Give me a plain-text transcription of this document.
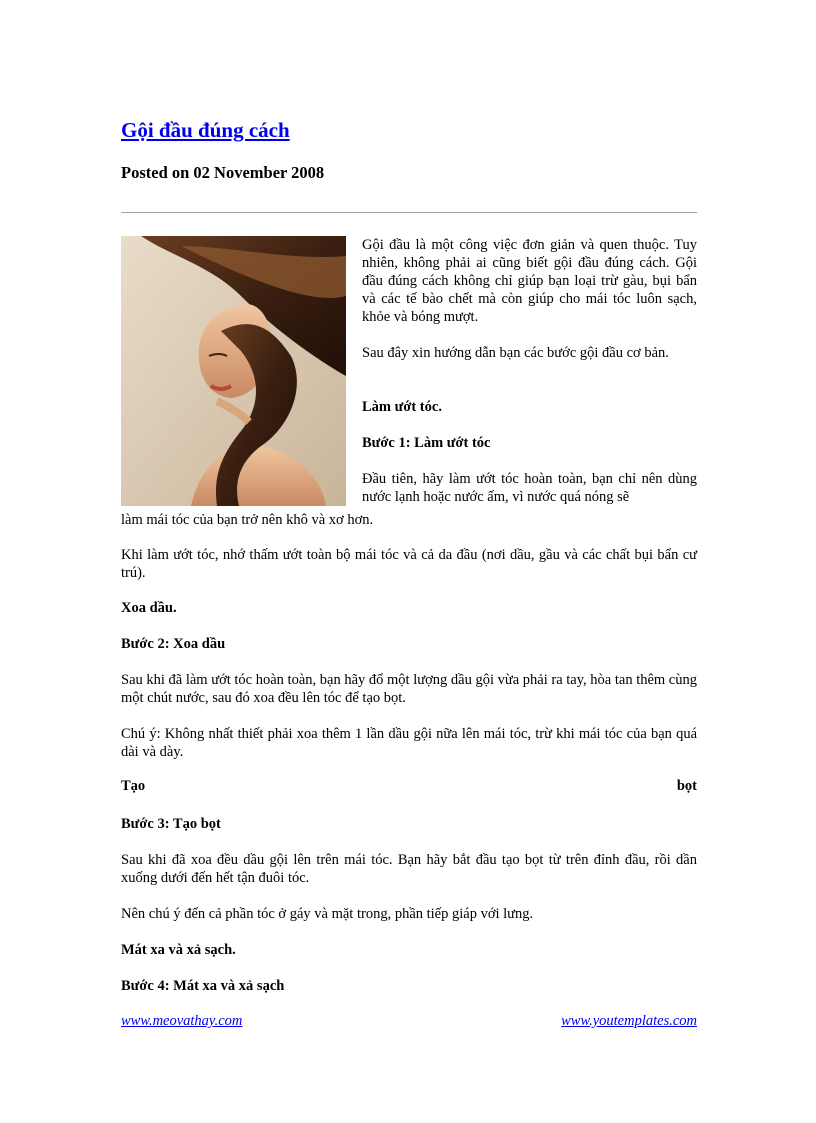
Gội đầu đúng cách
Posted on 02 November 2008
Gội đầu là một công việc đơn giản và quen thuộc. Tuy nhiên, không phải ai cũng biết gội đầu đúng cách. Gội đầu đúng cách không chỉ giúp bạn loại trừ gàu, bụi bẩn và các tế bào chết mà còn giúp cho mái tóc luôn sạch, khỏe và bóng mượt.
Sau đây xin hướng dẫn bạn các bước gội đầu cơ bản.
Làm ướt tóc.
Bước 1: Làm ướt tóc
Đầu tiên, hãy làm ướt tóc hoàn toàn, bạn chỉ nên dùng nước lạnh hoặc nước ấm, vì nước quá nóng sẽ
làm mái tóc của bạn trở nên khô và xơ hơn.
Khi làm ướt tóc, nhớ thấm ướt toàn bộ mái tóc và cả da đầu (nơi dầu, gầu và các chất bụi bẩn cư trú).
Xoa dầu.
Bước 2: Xoa dầu
Sau khi đã làm ướt tóc hoàn toàn, bạn hãy đổ một lượng dầu gội vừa phải ra tay, hòa tan thêm cùng một chút nước, sau đó xoa đều lên tóc để tạo bọt.
Chú ý: Không nhất thiết phải xoa thêm 1 lần dầu gội nữa lên mái tóc, trừ khi mái tóc của bạn quá dài và dày.
Tạo	bọt
Bước 3: Tạo bọt
Sau khi đã xoa đều dầu gội lên trên mái tóc. Bạn hãy bắt đầu tạo bọt từ trên đỉnh đầu, rồi dần xuống dưới đến hết tận đuôi tóc.
Nên chú ý đến cả phần tóc ở gáy và mặt trong, phần tiếp giáp với lưng.
Mát xa và xả sạch.
Bước 4: Mát xa và xả sạch
www.meovathay.com	www.youtemplates.com
